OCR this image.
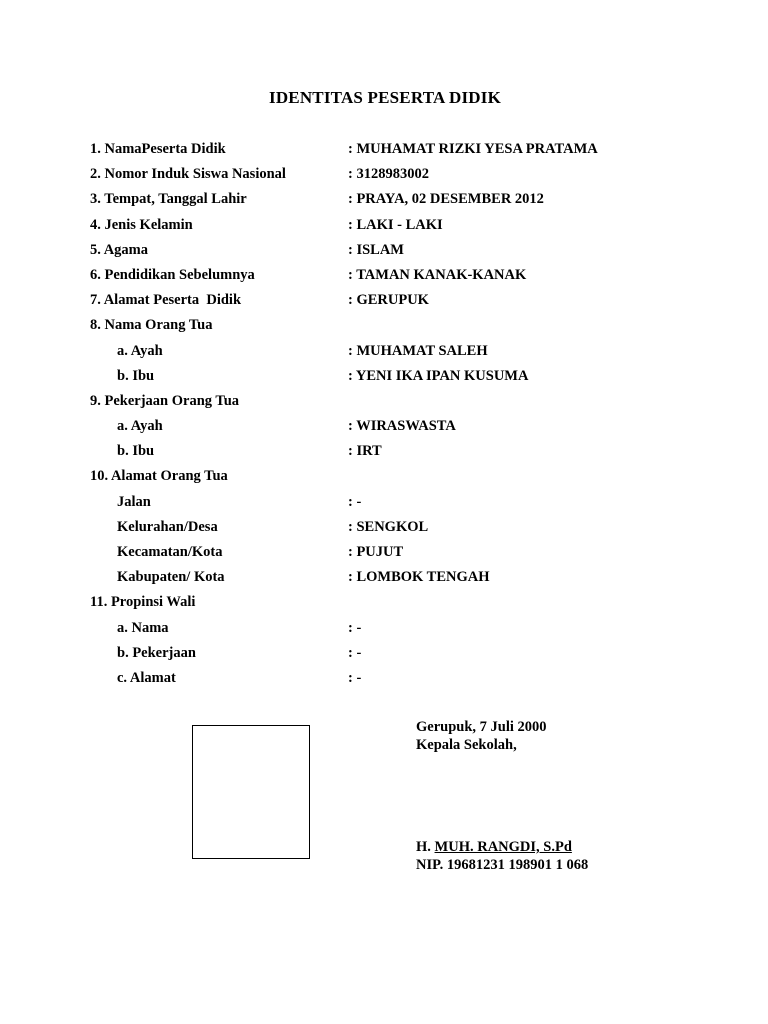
IDENTITAS PESERTA DIDIK
1. NamaPeserta Didik	: MUHAMAT RIZKI YESA PRATAMA
2. Nomor Induk Siswa Nasional	: 3128983002
3. Tempat, Tanggal Lahir	: PRAYA, 02 DESEMBER 2012
4. Jenis Kelamin	: LAKI - LAKI
5. Agama	: ISLAM
6. Pendidikan Sebelumnya	: TAMAN KANAK-KANAK
7. Alamat Peserta  Didik	: GERUPUK
8. Nama Orang Tua
a. Ayah	: MUHAMAT SALEH
b. Ibu	: YENI IKA IPAN KUSUMA
9. Pekerjaan Orang Tua
a. Ayah	: WIRASWASTA
b. Ibu	: IRT
10. Alamat Orang Tua
Jalan	: -
Kelurahan/Desa	: SENGKOL
Kecamatan/Kota	: PUJUT
Kabupaten/ Kota	: LOMBOK TENGAH
11. Propinsi Wali
a. Nama	: -
b. Pekerjaan	: -
c. Alamat	: -
Gerupuk, 7 Juli 2000
Kepala Sekolah,
H. MUH. RANGDI, S.Pd
NIP. 19681231 198901 1 068
